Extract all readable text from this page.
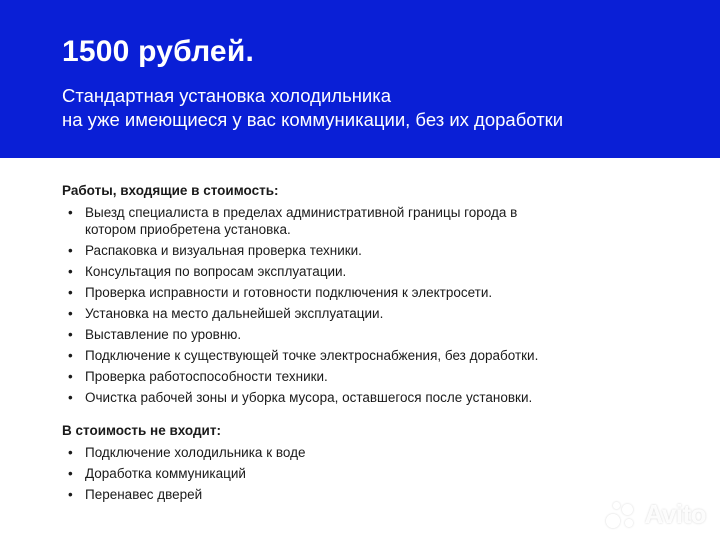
1500 рублей.
Стандартная установка холодильника
на уже имеющиеся у вас коммуникации, без их доработки

Работы, входящие в стоимость:

• Выезд специалиста в пределах административной границы города в
котором приобретена установка.
• Распаковка и визуальная проверка техники.
• Консультация по вопросам эксплуатации.
• Проверка исправности и готовности подключения к электросети.
• Установка на место дальнейшей эксплуатации.
• Выставление по уровню.
• Подключение к существующей точке электроснабжения, без доработки.
• Проверка работоспособности техники.
• Очистка рабочей зоны и уборка мусора, оставшегося после установки.

В стоимость не входит:

• Подключение холодильника к воде
• Доработка коммуникаций
• Перенавес дверей
Avito
